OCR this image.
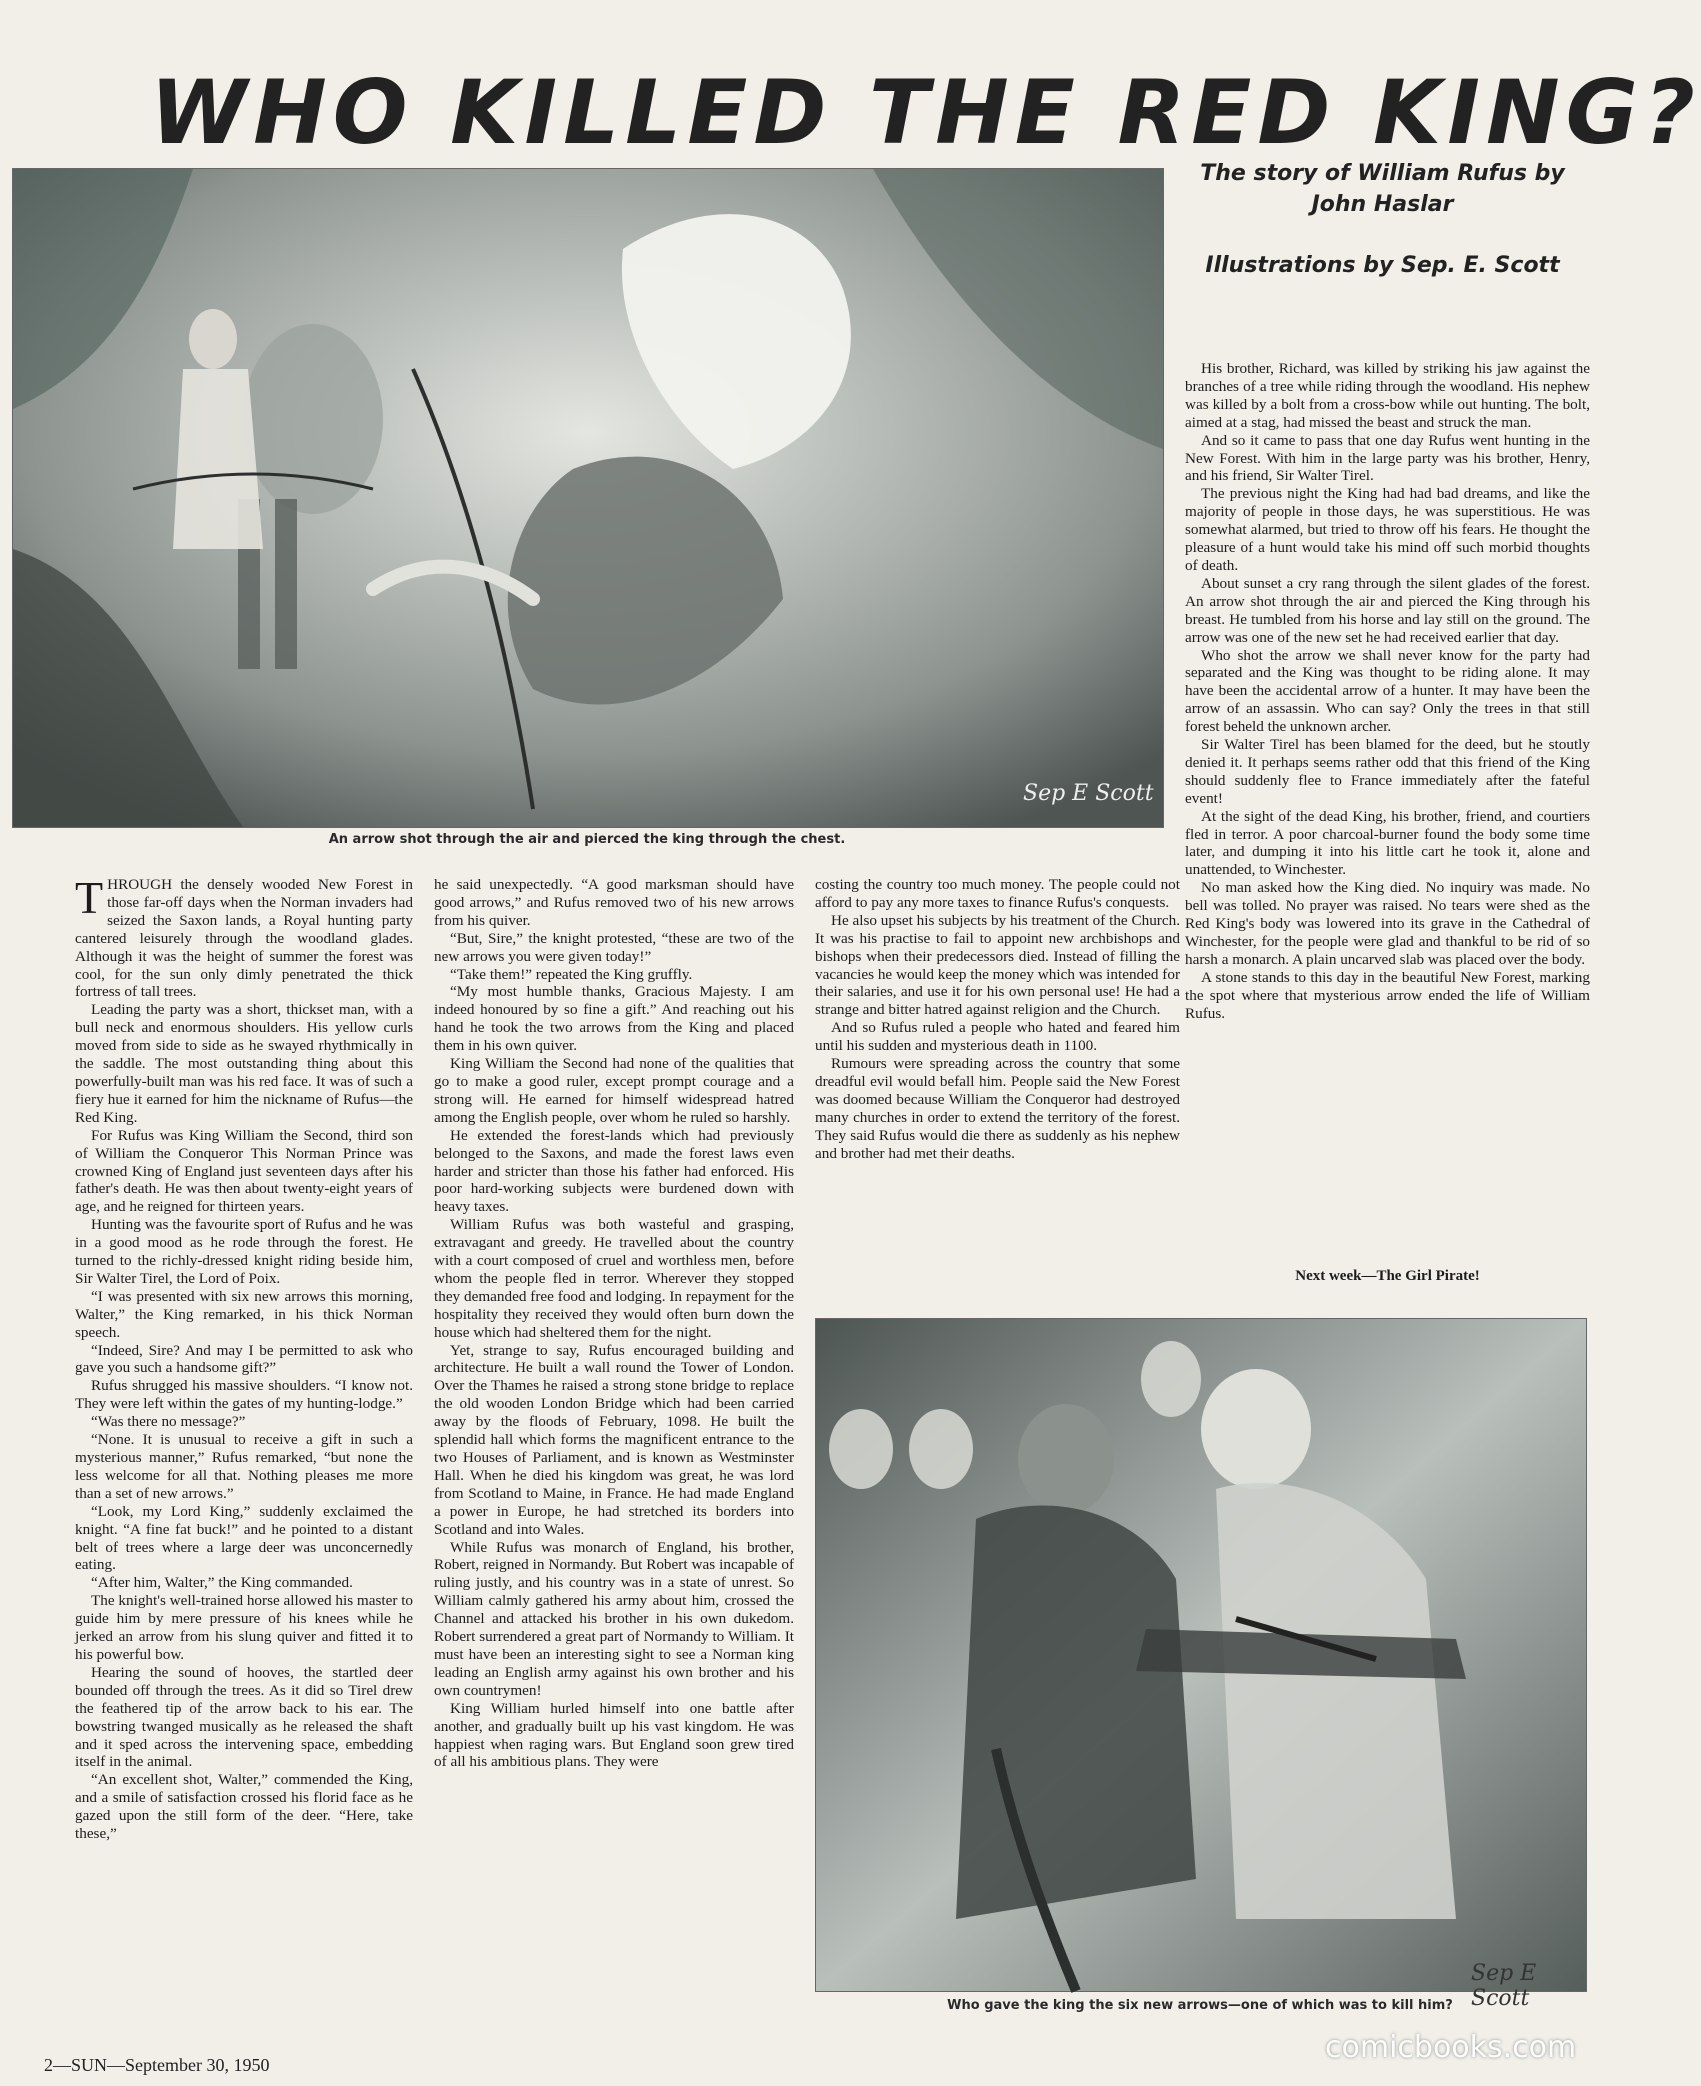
WHO KILLED THE RED KING?
Sep E Scott
An arrow shot through the air and pierced the king through the chest.
The story of William Rufus by John Haslar
Illustrations by Sep. E. Scott

THROUGH the densely wooded New Forest in those far-off days when the Norman invaders had seized the Saxon lands, a Royal hunting party cantered leisurely through the woodland glades. Although it was the height of summer the forest was cool, for the sun only dimly penetrated the thick fortress of tall trees.

Leading the party was a short, thickset man, with a bull neck and enormous shoulders. His yellow curls moved from side to side as he swayed rhythmically in the saddle. The most outstanding thing about this powerfully-built man was his red face. It was of such a fiery hue it earned for him the nickname of Rufus—the Red King.

For Rufus was King William the Second, third son of William the Conqueror This Norman Prince was crowned King of England just seventeen days after his father's death. He was then about twenty-eight years of age, and he reigned for thirteen years.

Hunting was the favourite sport of Rufus and he was in a good mood as he rode through the forest. He turned to the richly-dressed knight riding beside him, Sir Walter Tirel, the Lord of Poix.

“I was presented with six new arrows this morning, Walter,” the King remarked, in his thick Norman speech.

“Indeed, Sire? And may I be permitted to ask who gave you such a handsome gift?”

Rufus shrugged his massive shoulders. “I know not. They were left within the gates of my hunting-lodge.”

“Was there no message?”

“None. It is unusual to receive a gift in such a mysterious manner,” Rufus remarked, “but none the less welcome for all that. Nothing pleases me more than a set of new arrows.”

“Look, my Lord King,” suddenly exclaimed the knight. “A fine fat buck!” and he pointed to a distant belt of trees where a large deer was unconcernedly eating.

“After him, Walter,” the King commanded.

The knight's well-trained horse allowed his master to guide him by mere pressure of his knees while he jerked an arrow from his slung quiver and fitted it to his powerful bow.

Hearing the sound of hooves, the startled deer bounded off through the trees. As it did so Tirel drew the feathered tip of the arrow back to his ear. The bowstring twanged musically as he released the shaft and it sped across the intervening space, embedding itself in the animal.

“An excellent shot, Walter,” commended the King, and a smile of satisfaction crossed his florid face as he gazed upon the still form of the deer. “Here, take these,”

he said unexpectedly. “A good marksman should have good arrows,” and Rufus removed two of his new arrows from his quiver.

“But, Sire,” the knight protested, “these are two of the new arrows you were given today!”

“Take them!” repeated the King gruffly.

“My most humble thanks, Gracious Majesty. I am indeed honoured by so fine a gift.” And reaching out his hand he took the two arrows from the King and placed them in his own quiver.

King William the Second had none of the qualities that go to make a good ruler, except prompt courage and a strong will. He earned for himself widespread hatred among the English people, over whom he ruled so harshly.

He extended the forest-lands which had previously belonged to the Saxons, and made the forest laws even harder and stricter than those his father had enforced. His poor hard-working subjects were burdened down with heavy taxes.

William Rufus was both wasteful and grasping, extravagant and greedy. He travelled about the country with a court composed of cruel and worthless men, before whom the people fled in terror. Wherever they stopped they demanded free food and lodging. In repayment for the hospitality they received they would often burn down the house which had sheltered them for the night.

Yet, strange to say, Rufus encouraged building and architecture. He built a wall round the Tower of London. Over the Thames he raised a strong stone bridge to replace the old wooden London Bridge which had been carried away by the floods of February, 1098. He built the splendid hall which forms the magnificent entrance to the two Houses of Parliament, and is known as Westminster Hall. When he died his kingdom was great, he was lord from Scotland to Maine, in France. He had made England a power in Europe, he had stretched its borders into Scotland and into Wales.

While Rufus was monarch of England, his brother, Robert, reigned in Normandy. But Robert was incapable of ruling justly, and his country was in a state of unrest. So William calmly gathered his army about him, crossed the Channel and attacked his brother in his own dukedom. Robert surrendered a great part of Normandy to William. It must have been an interesting sight to see a Norman king leading an English army against his own brother and his own countrymen!

King William hurled himself into one battle after another, and gradually built up his vast kingdom. He was happiest when raging wars. But England soon grew tired of all his ambitious plans. They were

costing the country too much money. The people could not afford to pay any more taxes to finance Rufus's conquests.

He also upset his subjects by his treatment of the Church. It was his practise to fail to appoint new archbishops and bishops when their predecessors died. Instead of filling the vacancies he would keep the money which was intended for their salaries, and use it for his own personal use! He had a strange and bitter hatred against religion and the Church.

And so Rufus ruled a people who hated and feared him until his sudden and mysterious death in 1100.

Rumours were spreading across the country that some dreadful evil would befall him. People said the New Forest was doomed because William the Conqueror had destroyed many churches in order to extend the territory of the forest. They said Rufus would die there as suddenly as his nephew and brother had met their deaths.

His brother, Richard, was killed by striking his jaw against the branches of a tree while riding through the woodland. His nephew was killed by a bolt from a cross-bow while out hunting. The bolt, aimed at a stag, had missed the beast and struck the man.

And so it came to pass that one day Rufus went hunting in the New Forest. With him in the large party was his brother, Henry, and his friend, Sir Walter Tirel.

The previous night the King had had bad dreams, and like the majority of people in those days, he was superstitious. He was somewhat alarmed, but tried to throw off his fears. He thought the pleasure of a hunt would take his mind off such morbid thoughts of death.

About sunset a cry rang through the silent glades of the forest. An arrow shot through the air and pierced the King through his breast. He tumbled from his horse and lay still on the ground. The arrow was one of the new set he had received earlier that day.

Who shot the arrow we shall never know for the party had separated and the King was thought to be riding alone. It may have been the accidental arrow of a hunter. It may have been the arrow of an assassin. Who can say? Only the trees in that still forest beheld the unknown archer.

Sir Walter Tirel has been blamed for the deed, but he stoutly denied it. It perhaps seems rather odd that this friend of the King should suddenly flee to France immediately after the fateful event!

At the sight of the dead King, his brother, friend, and courtiers fled in terror. A poor charcoal-burner found the body some time later, and dumping it into his little cart he took it, alone and unattended, to Winchester.

No man asked how the King died. No inquiry was made. No bell was tolled. No prayer was raised. No tears were shed as the Red King's body was lowered into its grave in the Cathedral of Winchester, for the people were glad and thankful to be rid of so harsh a monarch. A plain uncarved slab was placed over the body.

A stone stands to this day in the beautiful New Forest, marking the spot where that mysterious arrow ended the life of William Rufus.

Next week—The Girl Pirate!
Sep E Scott
Who gave the king the six new arrows—one of which was to kill him?
2—SUN—September 30, 1950	comicbooks.com
